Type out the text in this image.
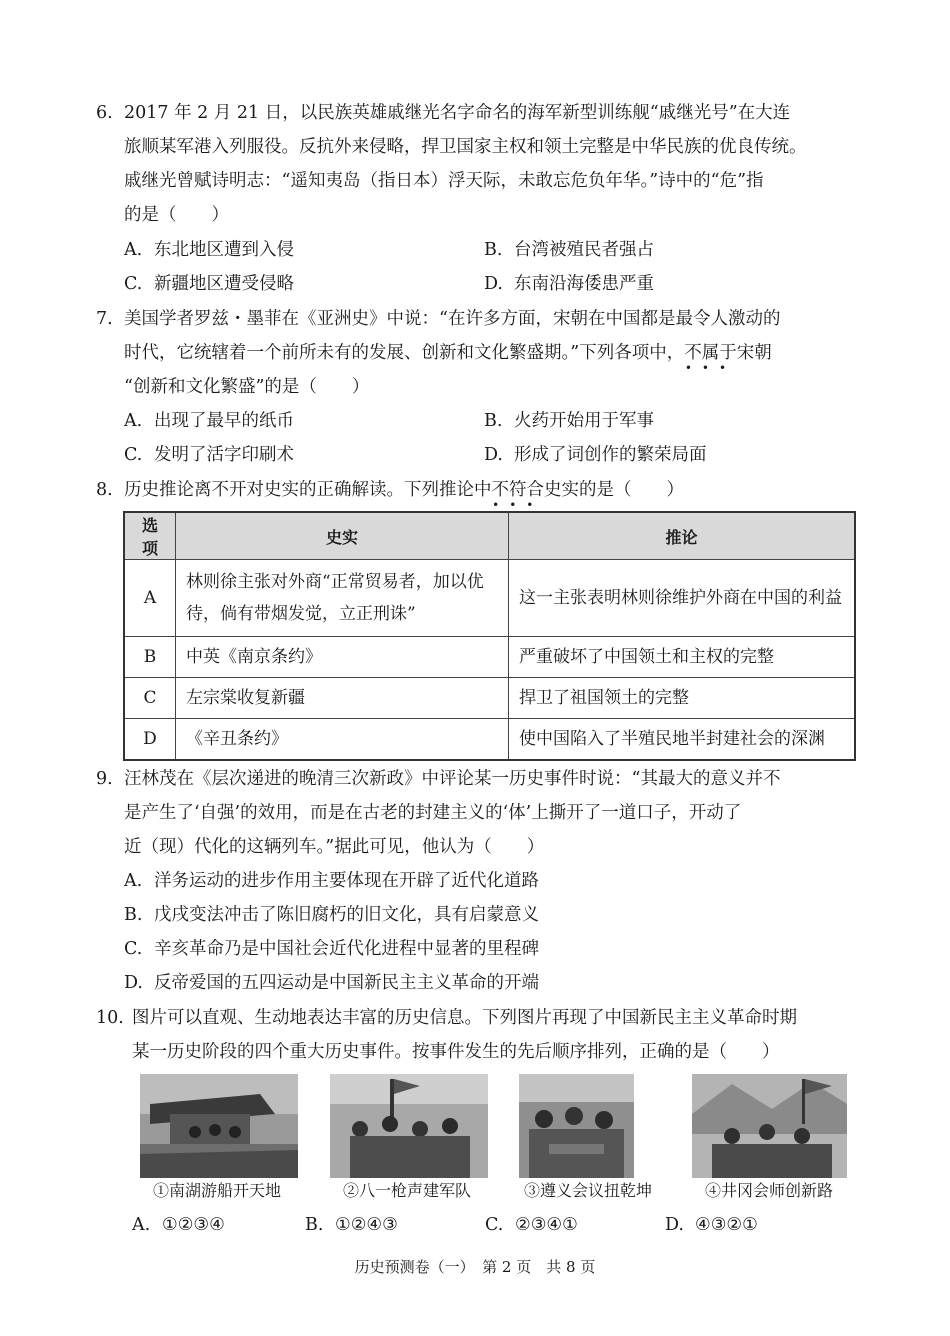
6. 2017 年 2 月 21 日，以民族英雄戚继光名字命名的海军新型训练舰“戚继光号”在大连
旅顺某军港入列服役。反抗外来侵略，捍卫国家主权和领土完整是中华民族的优良传统。
戚继光曾赋诗明志：“遥知夷岛（指日本）浮天际，未敢忘危负年华。”诗中的“危”指
的是（　　）
A. 东北地区遭到入侵	B. 台湾被殖民者强占
C. 新疆地区遭受侵略	D. 东南沿海倭患严重
7. 美国学者罗兹・墨菲在《亚洲史》中说：“在许多方面，宋朝在中国都是最令人激动的
时代，它统辖着一个前所未有的发展、创新和文化繁盛期。”下列各项中，不属于
•••
宋朝
“创新和文化繁盛”的是（　　）
A. 出现了最早的纸币	B. 火药开始用于军事
C. 发明了活字印刷术	D. 形成了词创作的繁荣局面
8. 历史推论离不开对史实的正确解读。下列推论中不符合
•••
史实的是（　　）
选项	史实	推论
A	林则徐主张对外商“正常贸易者，加以优待，倘有带烟发觉，立正刑诛”	这一主张表明林则徐维护外商在中国的利益
B	中英《南京条约》	严重破坏了中国领土和主权的完整
C	左宗棠收复新疆	捍卫了祖国领土的完整
D	《辛丑条约》	使中国陷入了半殖民地半封建社会的深渊
9. 汪林茂在《层次递进的晚清三次新政》中评论某一历史事件时说：“其最大的意义并不
是产生了‘自强’的效用，而是在古老的封建主义的‘体’上撕开了一道口子，开动了
近（现）代化的这辆列车。”据此可见，他认为（　　）
A. 洋务运动的进步作用主要体现在开辟了近代化道路
B. 戊戌变法冲击了陈旧腐朽的旧文化，具有启蒙意义
C. 辛亥革命乃是中国社会近代化进程中显著的里程碑
D. 反帝爱国的五四运动是中国新民主主义革命的开端
10. 图片可以直观、生动地表达丰富的历史信息。下列图片再现了中国新民主主义革命时期
某一历史阶段的四个重大历史事件。按事件发生的先后顺序排列，正确的是（　　）
①南湖游船开天地	②八一枪声建军队	③遵义会议扭乾坤	④井冈会师创新路
A. ①②③④	B. ①②④③	C. ②③④①	D. ④③②①
历史预测卷（一）　第 2 页　共 8 页
